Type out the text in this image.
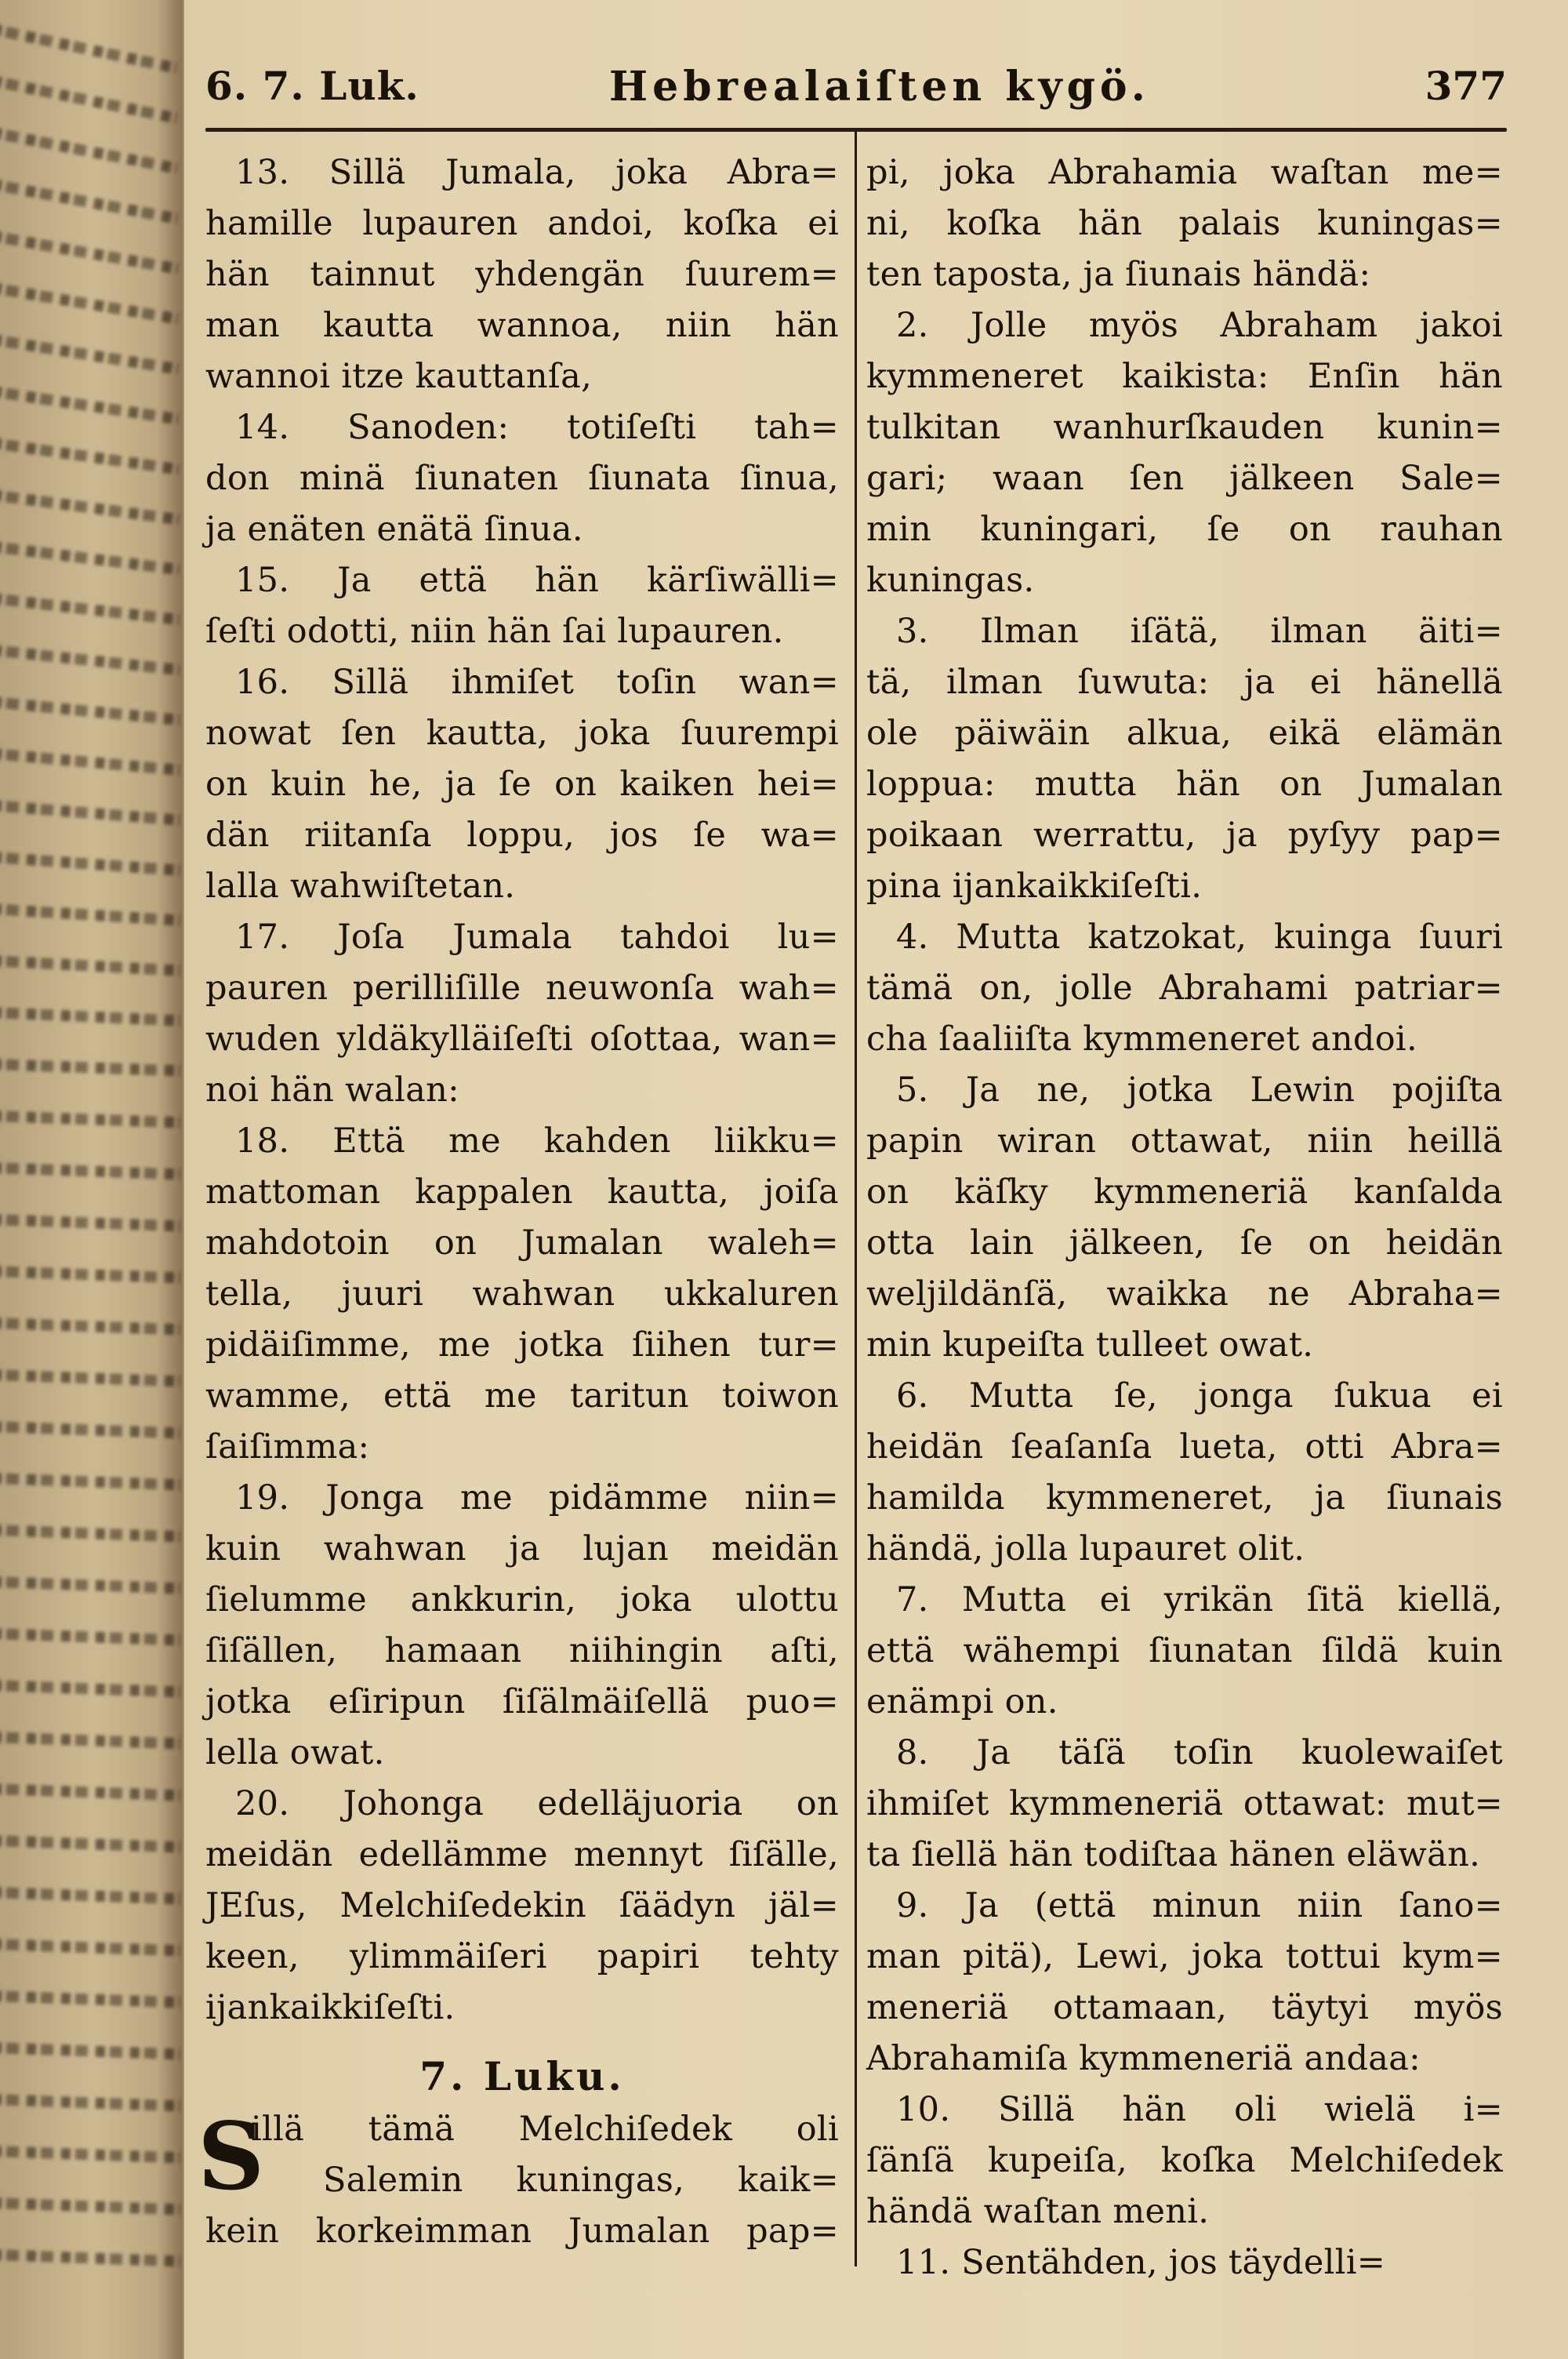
6. 7. Luk.	Hebrealaiſten kygö.	377
13. Sillä Jumala, joka Abra=
hamille lupauren andoi, koſka ei
hän tainnut yhdengän ſuurem=
man kautta wannoa, niin hän
wannoi itze kauttanſa,
14. Sanoden: totiſeſti tah=
don minä ſiunaten ſiunata ſinua,
ja enäten enätä ſinua.
15. Ja että hän kärſiwälli=
ſeſti odotti, niin hän ſai lupauren.
16. Sillä ihmiſet toſin wan=
nowat ſen kautta, joka ſuurempi
on kuin he, ja ſe on kaiken hei=
dän riitanſa loppu, jos ſe wa=
lalla wahwiſtetan.
17. Joſa Jumala tahdoi lu=
pauren perilliſille neuwonſa wah=
wuden yldäkylläiſeſti oſottaa, wan=
noi hän walan:
18. Että me kahden liikku=
mattoman kappalen kautta, joiſa
mahdotoin on Jumalan waleh=
tella, juuri wahwan ukkaluren
pidäiſimme, me jotka ſiihen tur=
wamme, että me taritun toiwon
ſaiſimma:
19. Jonga me pidämme niin=
kuin wahwan ja lujan meidän
ſielumme ankkurin, joka ulottu
ſiſällen, hamaan niihingin aſti,
jotka eſiripun ſiſälmäiſellä puo=
lella owat.
20. Johonga edelläjuoria on
meidän edellämme mennyt ſiſälle,
JEſus, Melchiſedekin ſäädyn jäl=
keen, ylimmäiſeri papiri tehty
ijankaikkiſeſti.
7. Luku.
S
illä tämä Melchiſedek oli
Salemin kuningas, kaik=
kein korkeimman Jumalan pap=
pi, joka Abrahamia waſtan me=
ni, koſka hän palais kuningas=
ten taposta, ja ſiunais händä:
2. Jolle myös Abraham jakoi
kymmeneret kaikista: Enſin hän
tulkitan wanhurſkauden kunin=
gari; waan ſen jälkeen Sale=
min kuningari, ſe on rauhan
kuningas.
3. Ilman iſätä, ilman äiti=
tä, ilman ſuwuta: ja ei hänellä
ole päiwäin alkua, eikä elämän
loppua: mutta hän on Jumalan
poikaan werrattu, ja pyſyy pap=
pina ijankaikkiſeſti.
4. Mutta katzokat, kuinga ſuuri
tämä on, jolle Abrahami patriar=
cha ſaaliiſta kymmeneret andoi.
5. Ja ne, jotka Lewin pojiſta
papin wiran ottawat, niin heillä
on käſky kymmeneriä kanſalda
otta lain jälkeen, ſe on heidän
weljildänſä, waikka ne Abraha=
min kupeiſta tulleet owat.
6. Mutta ſe, jonga ſukua ei
heidän ſeaſanſa lueta, otti Abra=
hamilda kymmeneret, ja ſiunais
händä, jolla lupauret olit.
7. Mutta ei yrikän ſitä kiellä,
että wähempi ſiunatan ſildä kuin
enämpi on.
8. Ja täſä toſin kuolewaiſet
ihmiſet kymmeneriä ottawat: mut=
ta ſiellä hän todiſtaa hänen eläwän.
9. Ja (että minun niin ſano=
man pitä), Lewi, joka tottui kym=
meneriä ottamaan, täytyi myös
Abrahamiſa kymmeneriä andaa:
10. Sillä hän oli wielä i=
ſänſä kupeiſa, koſka Melchiſedek
händä waſtan meni.
11. Sentähden, jos täydelli=
